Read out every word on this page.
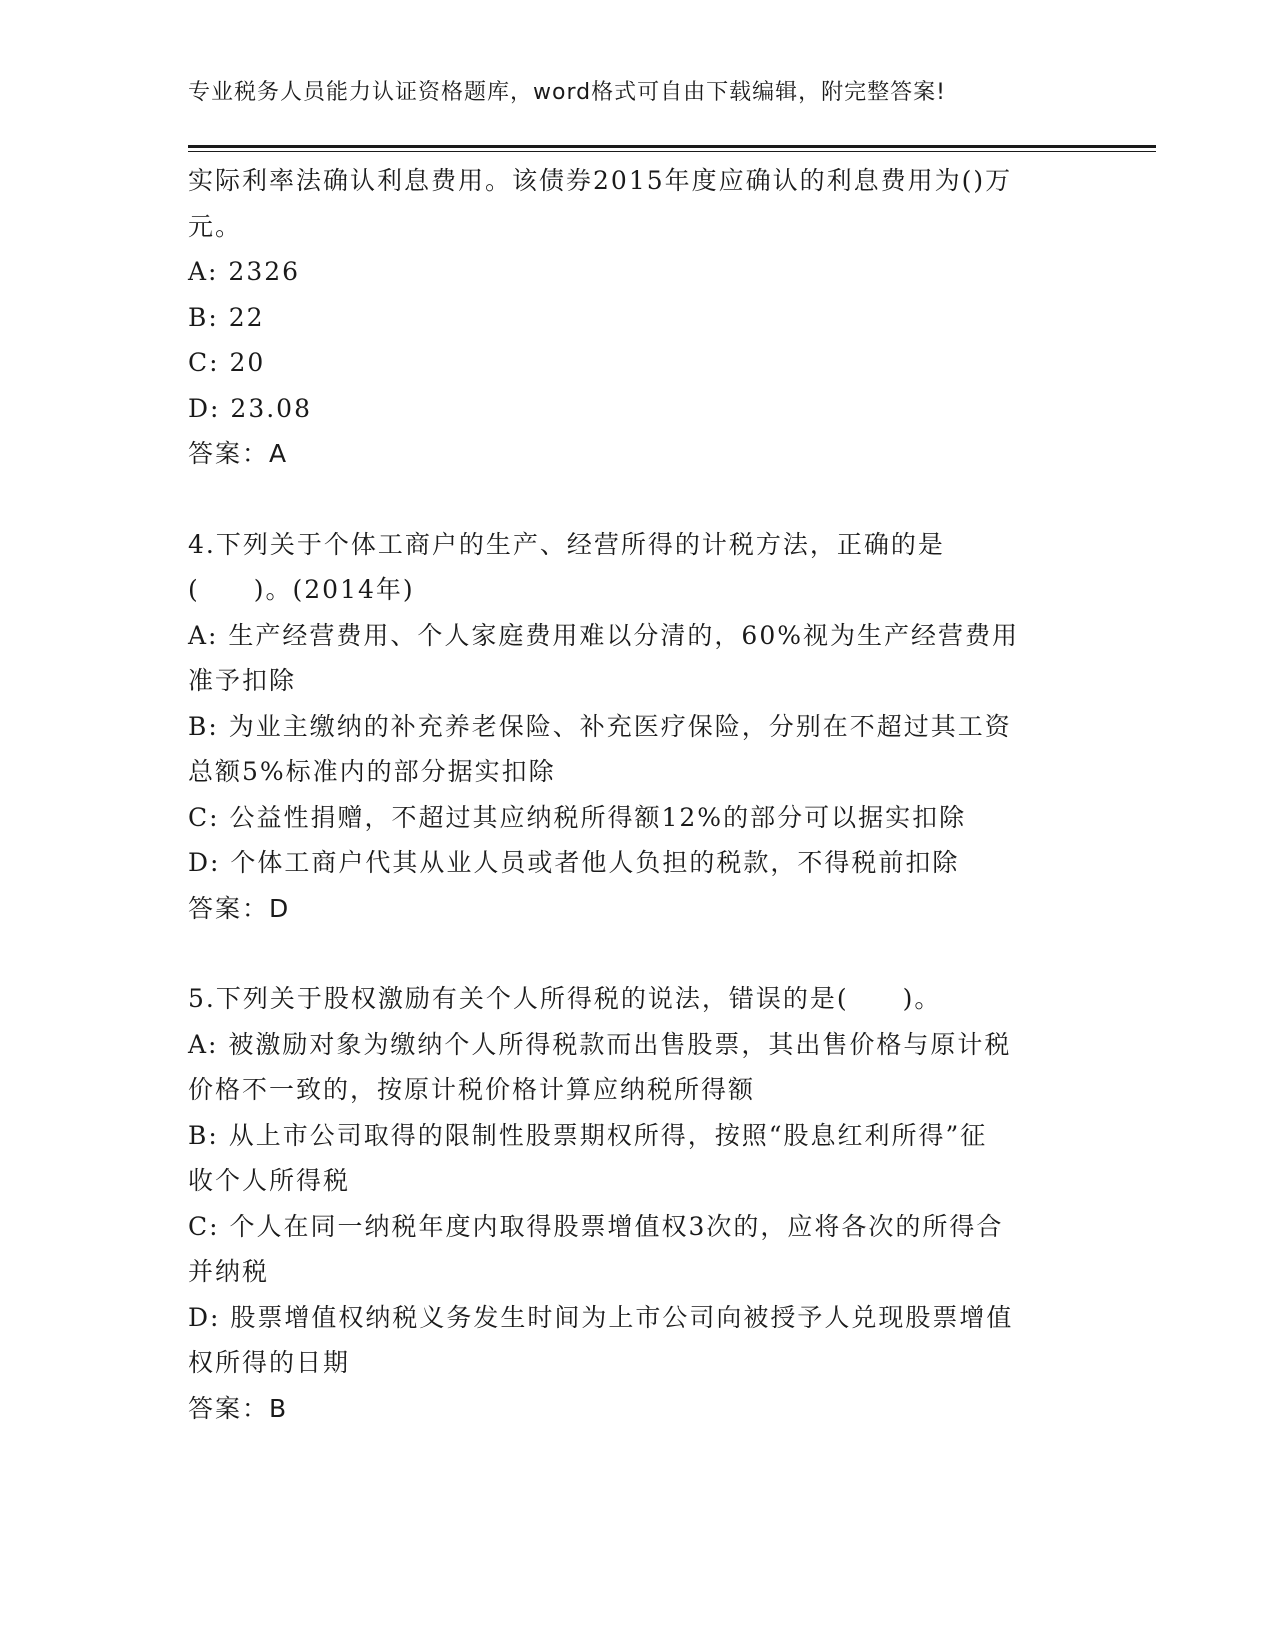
专业税务人员能力认证资格题库，word格式可自由下载编辑，附完整答案!
实际利率法确认利息费用。该债券2015年度应确认的利息费用为()万
元。
A: 2326
B: 22
C: 20
D: 23.08
答案：A
4.下列关于个体工商户的生产、经营所得的计税方法，正确的是
(　　)。(2014年)
A: 生产经营费用、个人家庭费用难以分清的，60%视为生产经营费用
准予扣除
B: 为业主缴纳的补充养老保险、补充医疗保险，分别在不超过其工资
总额5%标准内的部分据实扣除
C: 公益性捐赠，不超过其应纳税所得额12%的部分可以据实扣除
D: 个体工商户代其从业人员或者他人负担的税款，不得税前扣除
答案：D
5.下列关于股权激励有关个人所得税的说法，错误的是(　　)。
A: 被激励对象为缴纳个人所得税款而出售股票，其出售价格与原计税
价格不一致的，按原计税价格计算应纳税所得额
B: 从上市公司取得的限制性股票期权所得，按照“股息红利所得”征
收个人所得税
C: 个人在同一纳税年度内取得股票增值权3次的，应将各次的所得合
并纳税
D: 股票增值权纳税义务发生时间为上市公司向被授予人兑现股票增值
权所得的日期
答案：B
